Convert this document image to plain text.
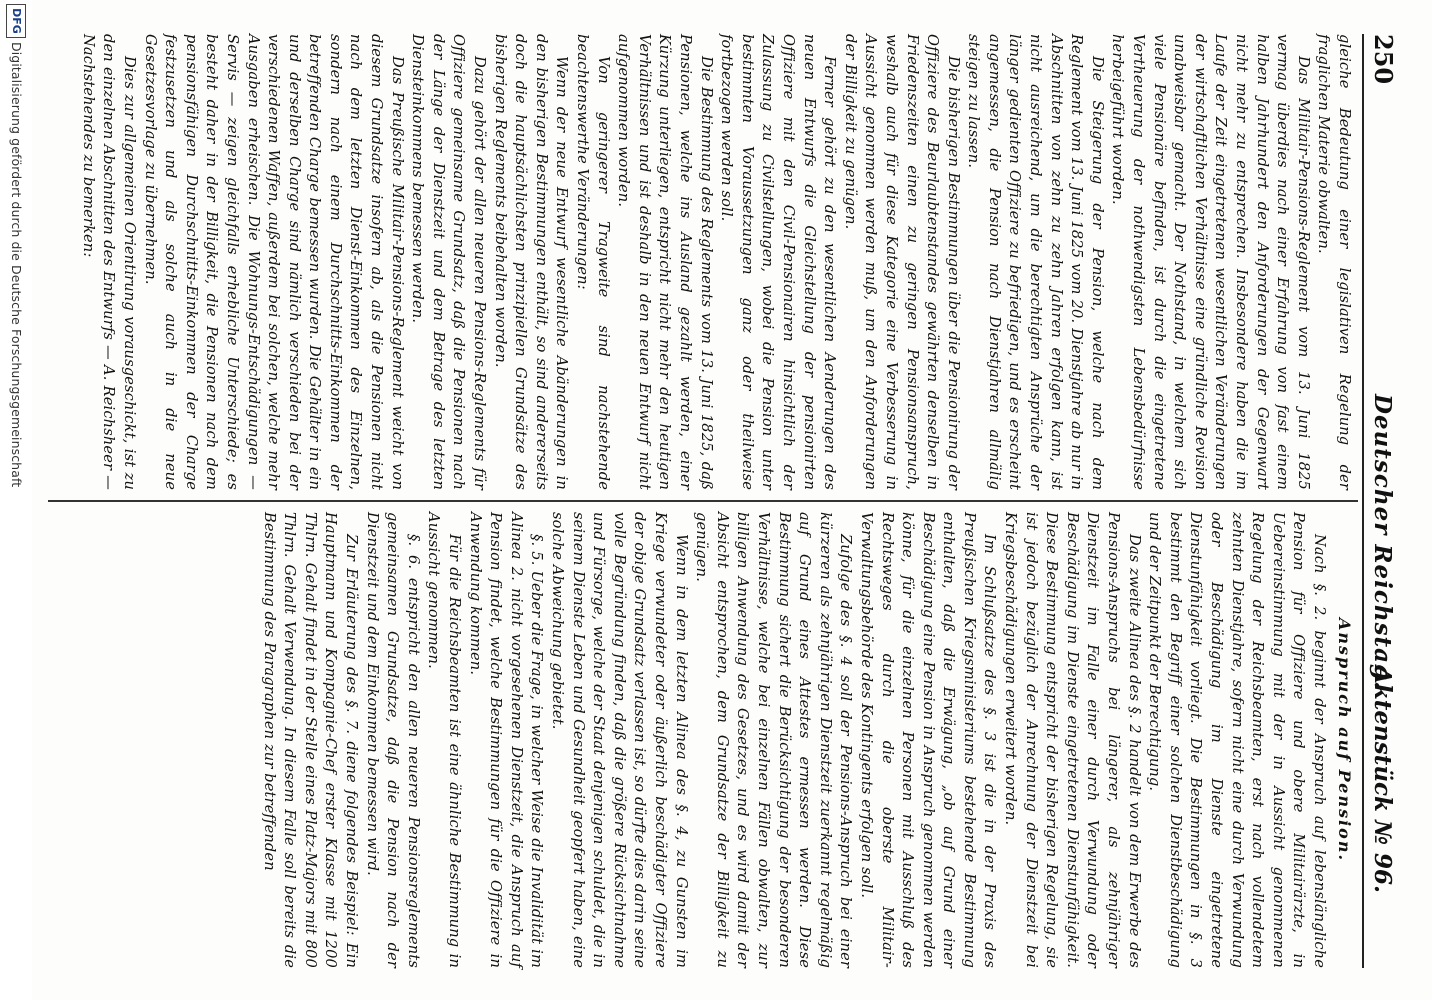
250
Deutscher Reichstag.
Aktenstück № 96.

gleiche Bedeutung einer legislativen Regelung der fraglichen Materie obwalten.

Das Militair-Pensions-Reglement vom 13. Juni 1825 vermag überdies nach einer Erfahrung von fast einem halben Jahrhundert den Anforderungen der Gegenwart nicht mehr zu entsprechen. Insbesondere haben die im Laufe der Zeit eingetretenen wesentlichen Veränderungen der wirtschaftlichen Verhältnisse eine gründliche Revision unabweisbar gemacht. Der Nothstand, in welchem sich viele Pensionäre befinden, ist durch die eingetretene Vertheuerung der nothwendigsten Lebensbedürfnisse herbeigeführt worden.

Die Steigerung der Pension, welche nach dem Reglement vom 13. Juni 1825 vom 20. Dienstjahre ab nur in Abschnitten von zehn zu zehn Jahren erfolgen kann, ist nicht ausreichend, um die berechtigten Ansprüche der länger gedienten Offiziere zu befriedigen, und es erscheint angemessen, die Pension nach Dienstjahren allmälig steigen zu lassen.

Die bisherigen Bestimmungen über die Pensionirung der Offiziere des Beurlaubtenstandes gewährten denselben in Friedenszeiten einen zu geringen Pensionsanspruch, weshalb auch für diese Kategorie eine Verbesserung in Aussicht genommen werden muß, um den Anforderungen der Billigkeit zu genügen.

Ferner gehört zu den wesentlichen Aenderungen des neuen Entwurfs die Gleichstellung der pensionirten Offiziere mit den Civil-Pensionairen hinsichtlich der Zulassung zu Civilstellungen, wobei die Pension unter bestimmten Voraussetzungen ganz oder theilweise fortbezogen werden soll.

Die Bestimmung des Reglements vom 13. Juni 1825, daß Pensionen, welche ins Ausland gezahlt werden, einer Kürzung unterliegen, entspricht nicht mehr den heutigen Verhältnissen und ist deshalb in den neuen Entwurf nicht aufgenommen worden.

Von geringerer Tragweite sind nachstehende beachtenswerthe Veränderungen:

Wenn der neue Entwurf wesentliche Abänderungen in den bisherigen Bestimmungen enthält, so sind andererseits doch die hauptsächlichsten prinzipiellen Grundsätze des bisherigen Reglements beibehalten worden.

Dazu gehört der allen neueren Pensions-Reglements für Offiziere gemeinsame Grundsatz, daß die Pensionen nach der Länge der Dienstzeit und dem Betrage des letzten Diensteinkommens bemessen werden.

Das Preußische Militair-Pensions-Reglement weicht von diesem Grundsatze insofern ab, als die Pensionen nicht nach dem letzten Dienst-Einkommen des Einzelnen, sondern nach einem Durchschnitts-Einkommen der betreffenden Charge bemessen wurden. Die Gehälter in ein und derselben Charge sind nämlich verschieden bei der verschiedenen Waffen, außerdem bei solchen, welche mehr Ausgaben erheischen. Die Wohnungs-Entschädigungen — Servis — zeigen gleichfalls erhebliche Unterschiede; es besteht daher in der Billigkeit, die Pensionen nach dem pensionsfähigen Durchschnitts-Einkommen der Charge festzusetzen und als solche auch in die neue Gesetzesvorlage zu übernehmen.

Dies zur allgemeinen Orientirung vorausgeschickt, ist zu den einzelnen Abschnitten des Entwurfs — A. Reichsheer — Nachstehendes zu bemerken:

Anspruch auf Pension.

Nach §. 2. beginnt der Anspruch auf lebenslängliche Pension für Offiziere und obere Militairärzte, in Uebereinstimmung mit der in Aussicht genommenen Regelung der Reichsbeamten, erst nach vollendetem zehnten Dienstjahre, sofern nicht eine durch Verwundung oder Beschädigung im Dienste eingetretene Dienstunfähigkeit vorliegt. Die Bestimmungen in §. 3 bestimmt den Begriff einer solchen Dienstbeschädigung und der Zeitpunkt der Berechtigung.

Das zweite Alinea des §. 2 handelt von dem Erwerbe des Pensions-Anspruchs bei längerer, als zehnjähriger Dienstzeit im Falle einer durch Verwundung oder Beschädigung im Dienste eingetretenen Dienstunfähigkeit. Diese Bestimmung entspricht der bisherigen Regelung, sie ist jedoch bezüglich der Anrechnung der Dienstzeit bei Kriegsbeschädigungen erweitert worden.

Im Schlußsatze des §. 3 ist die in der Praxis des Preußischen Kriegsministeriums bestehende Bestimmung enthalten, daß die Erwägung, „ob auf Grund einer Beschädigung eine Pension in Anspruch genommen werden könne, für die einzelnen Personen mit Ausschluß des Rechtsweges durch die oberste Militair-Verwaltungsbehörde des Kontingents erfolgen soll.

Zufolge des §. 4 soll der Pensions-Anspruch bei einer kürzeren als zehnjährigen Dienstzeit zuerkannt regelmäßig auf Grund eines Attestes ermessen werden. Diese Bestimmung sichert die Berücksichtigung der besonderen Verhältnisse, welche bei einzelnen Fällen obwalten, zur billigen Anwendung des Gesetzes, und es wird damit der Absicht entsprochen, dem Grundsatze der Billigkeit zu genügen.

Wenn in dem letzten Alinea des §. 4, zu Gunsten im Kriege verwundeter oder äußerlich beschädigter Offiziere der obige Grundsatz verlassen ist, so dürfte dies darin seine volle Begründung finden, daß die größere Rücksichtnahme und Fürsorge, welche der Staat denjenigen schuldet, die in seinem Dienste Leben und Gesundheit geopfert haben, eine solche Abweichung gebietet.

§. 5. Ueber die Frage, in welcher Weise die Invalidität im Alinea 2. nicht vorgesehenen Dienstzeit, die Anspruch auf Pension findet, welche Bestimmungen für die Offiziere in Anwendung kommen.

Für die Reichsbeamten ist eine ähnliche Bestimmung in Aussicht genommen.

§. 6. entspricht den allen neueren Pensionsreglements gemeinsamen Grundsatze, daß die Pension nach der Dienstzeit und dem Einkommen bemessen wird.

Zur Erläuterung des §. 7. diene folgendes Beispiel: Ein Hauptmann und Kompagnie-Chef erster Klasse mit 1200 Thlrn. Gehalt findet in der Stelle eines Platz-Majors mit 800 Thlrn. Gehalt Verwendung. In diesem Falle soll bereits die Bestimmung des Paragraphen zur betreffenden

DFG
Digitalisierung gefördert durch die Deutsche Forschungsgemeinschaft
